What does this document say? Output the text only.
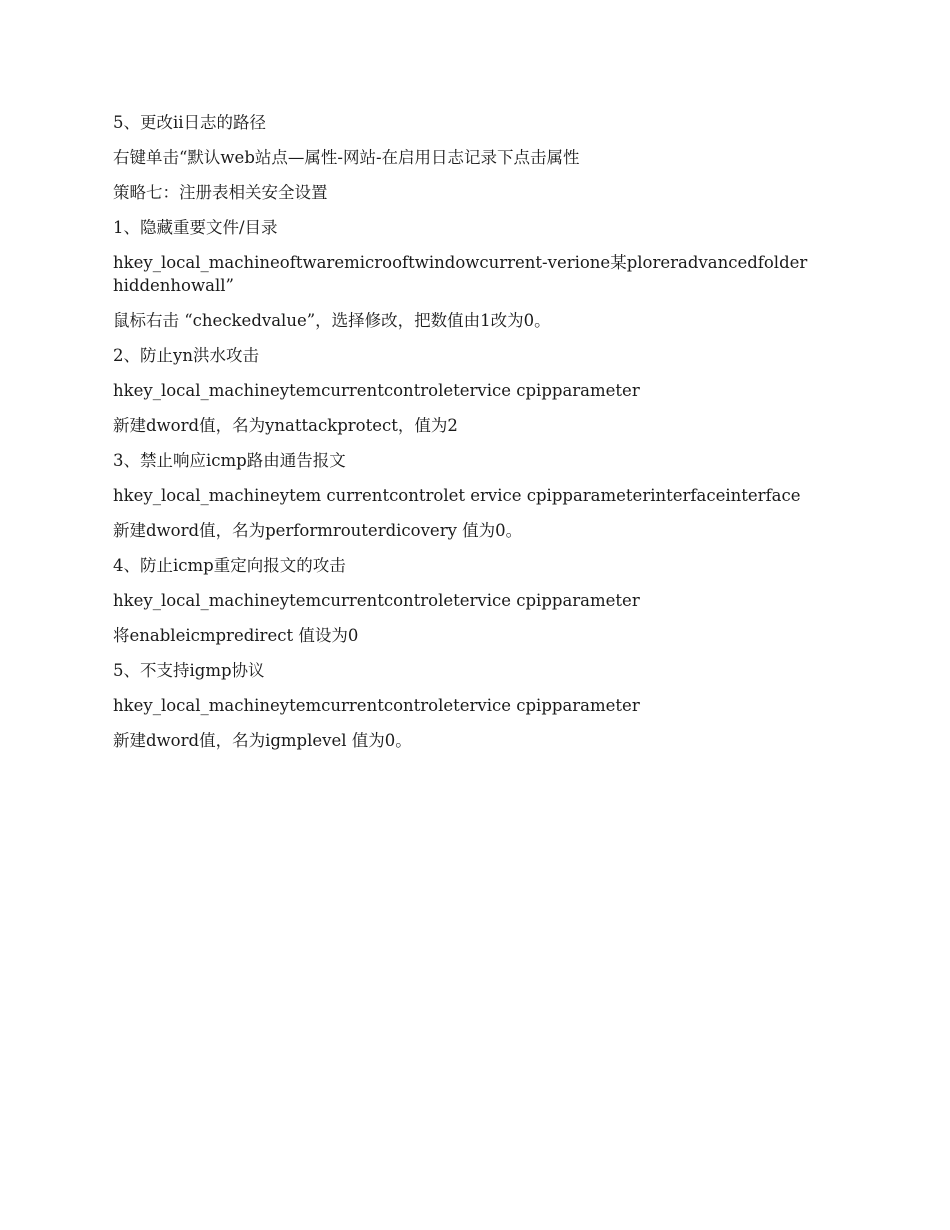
5、更改ii日志的路径

右键单击“默认web站点—属性-网站-在启用日志记录下点击属性

策略七：注册表相关安全设置

1、隐藏重要文件/目录

hkey_local_machineoftwaremicrooftwindowcurrent-verione某ploreradvancedfolderhiddenhowall”

鼠标右击 “checkedvalue”，选择修改，把数值由1改为0。

2、防止yn洪水攻击

hkey_local_machineytemcurrentcontroletervice cpipparameter

新建dword值，名为ynattackprotect，值为2

3、禁止响应icmp路由通告报文

hkey_local_machineytem currentcontrolet ervice cpipparameterinterfaceinterface

新建dword值，名为performrouterdicovery 值为0。

4、防止icmp重定向报文的攻击

hkey_local_machineytemcurrentcontroletervice cpipparameter

将enableicmpredirect 值设为0

5、不支持igmp协议

hkey_local_machineytemcurrentcontroletervice cpipparameter

新建dword值，名为igmplevel 值为0。
